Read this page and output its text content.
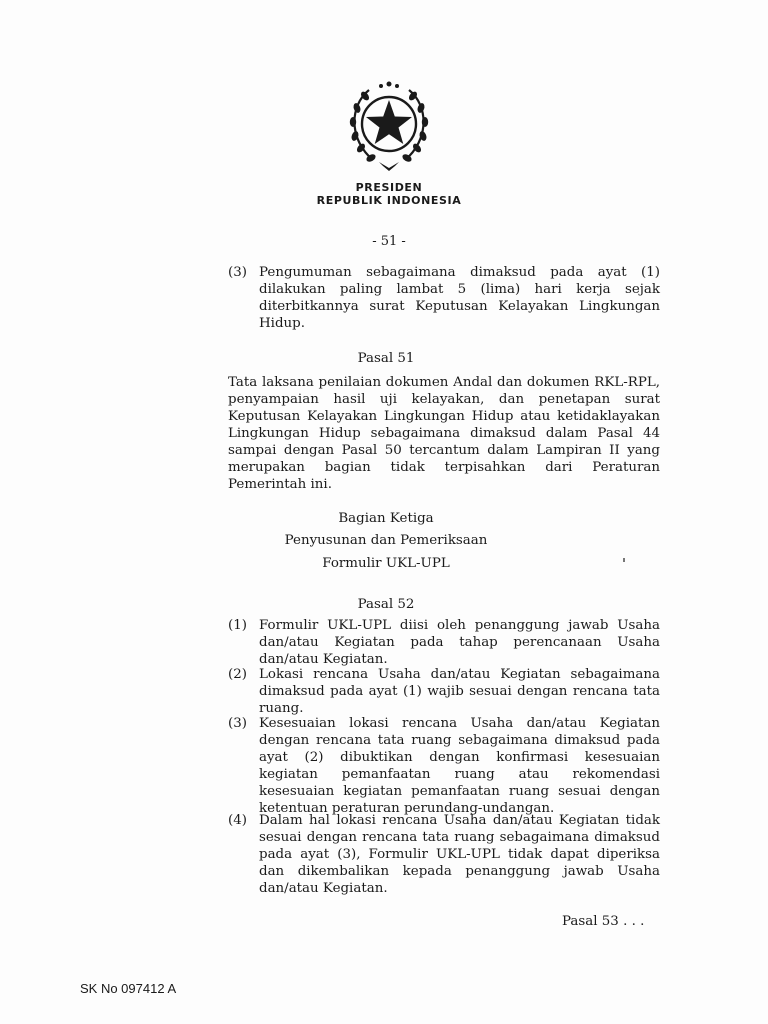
PRESIDEN
REPUBLIK INDONESIA
- 51 -
(3) Pengumuman sebagaimana dimaksud pada ayat (1) dilakukan paling lambat 5 (lima) hari kerja sejak diterbitkannya surat Keputusan Kelayakan Lingkungan Hidup.
Pasal 51
Tata laksana penilaian dokumen Andal dan dokumen RKL-RPL, penyampaian hasil uji kelayakan, dan penetapan surat Keputusan Kelayakan Lingkungan Hidup atau ketidaklayakan Lingkungan Hidup sebagaimana dimaksud dalam Pasal 44 sampai dengan Pasal 50 tercantum dalam Lampiran II yang merupakan bagian tidak terpisahkan dari Peraturan Pemerintah ini.
Bagian Ketiga
Penyusunan dan Pemeriksaan
Formulir UKL-UPL
Pasal 52
(1) Formulir UKL-UPL diisi oleh penanggung jawab Usaha dan/atau Kegiatan pada tahap perencanaan Usaha dan/atau Kegiatan.
(2) Lokasi rencana Usaha dan/atau Kegiatan sebagaimana dimaksud pada ayat (1) wajib sesuai dengan rencana tata ruang.
(3) Kesesuaian lokasi rencana Usaha dan/atau Kegiatan dengan rencana tata ruang sebagaimana dimaksud pada ayat (2) dibuktikan dengan konfirmasi kesesuaian kegiatan pemanfaatan ruang atau rekomendasi kesesuaian kegiatan pemanfaatan ruang sesuai dengan ketentuan peraturan perundang-undangan.
(4) Dalam hal lokasi rencana Usaha dan/atau Kegiatan tidak sesuai dengan rencana tata ruang sebagaimana dimaksud pada ayat (3), Formulir UKL-UPL tidak dapat diperiksa dan dikembalikan kepada penanggung jawab Usaha dan/atau Kegiatan.
Pasal 53 . . .
SK No 097412 A
